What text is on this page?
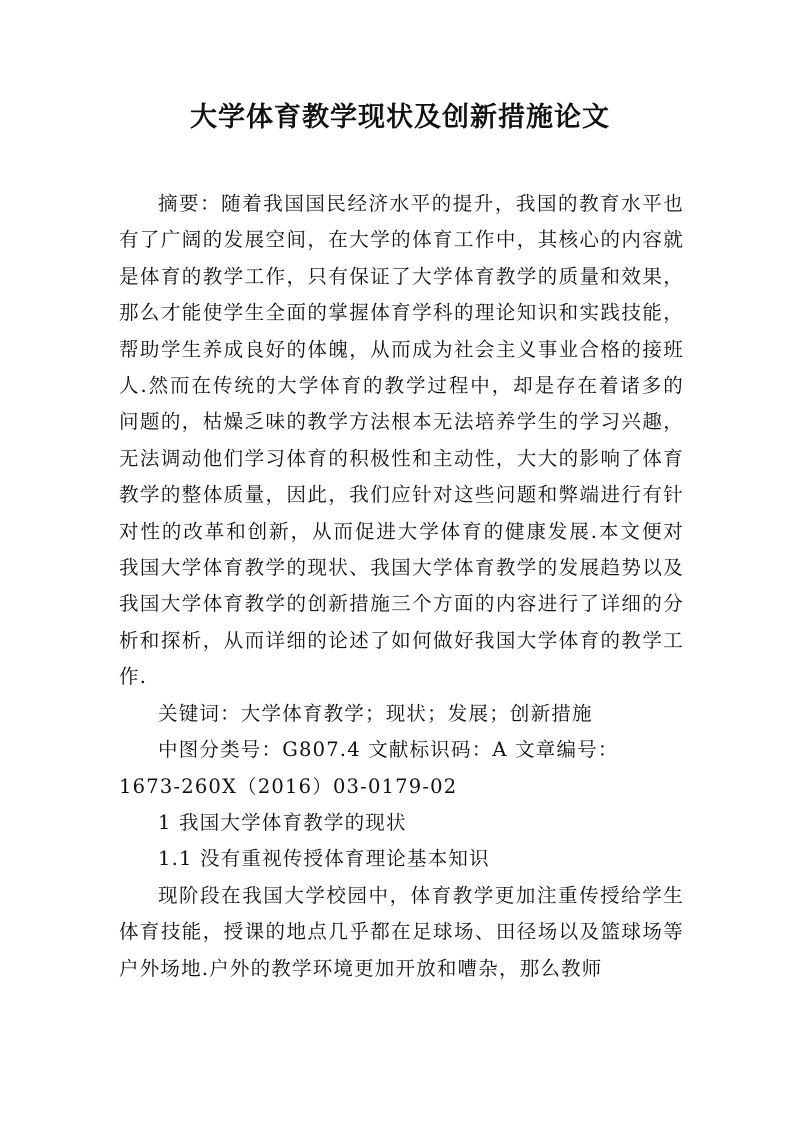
大学体育教学现状及创新措施论文

摘要：随着我国国民经济水平的提升，我国的教育水平也有了广阔的发展空间，在大学的体育工作中，其核心的内容就是体育的教学工作，只有保证了大学体育教学的质量和效果，那么才能使学生全面的掌握体育学科的理论知识和实践技能，帮助学生养成良好的体魄，从而成为社会主义事业合格的接班人.然而在传统的大学体育的教学过程中，却是存在着诸多的问题的，枯燥乏味的教学方法根本无法培养学生的学习兴趣，无法调动他们学习体育的积极性和主动性，大大的影响了体育教学的整体质量，因此，我们应针对这些问题和弊端进行有针对性的改革和创新，从而促进大学体育的健康发展.本文便对我国大学体育教学的现状、我国大学体育教学的发展趋势以及我国大学体育教学的创新措施三个方面的内容进行了详细的分析和探析，从而详细的论述了如何做好我国大学体育的教学工作.

关键词：大学体育教学；现状；发展；创新措施

中图分类号：G807.4 文献标识码：A 文章编号：

1673-260X（2016）03-0179-02

1 我国大学体育教学的现状

1.1 没有重视传授体育理论基本知识

现阶段在我国大学校园中，体育教学更加注重传授给学生体育技能，授课的地点几乎都在足球场、田径场以及篮球场等户外场地.户外的教学环境更加开放和嘈杂，那么教师
